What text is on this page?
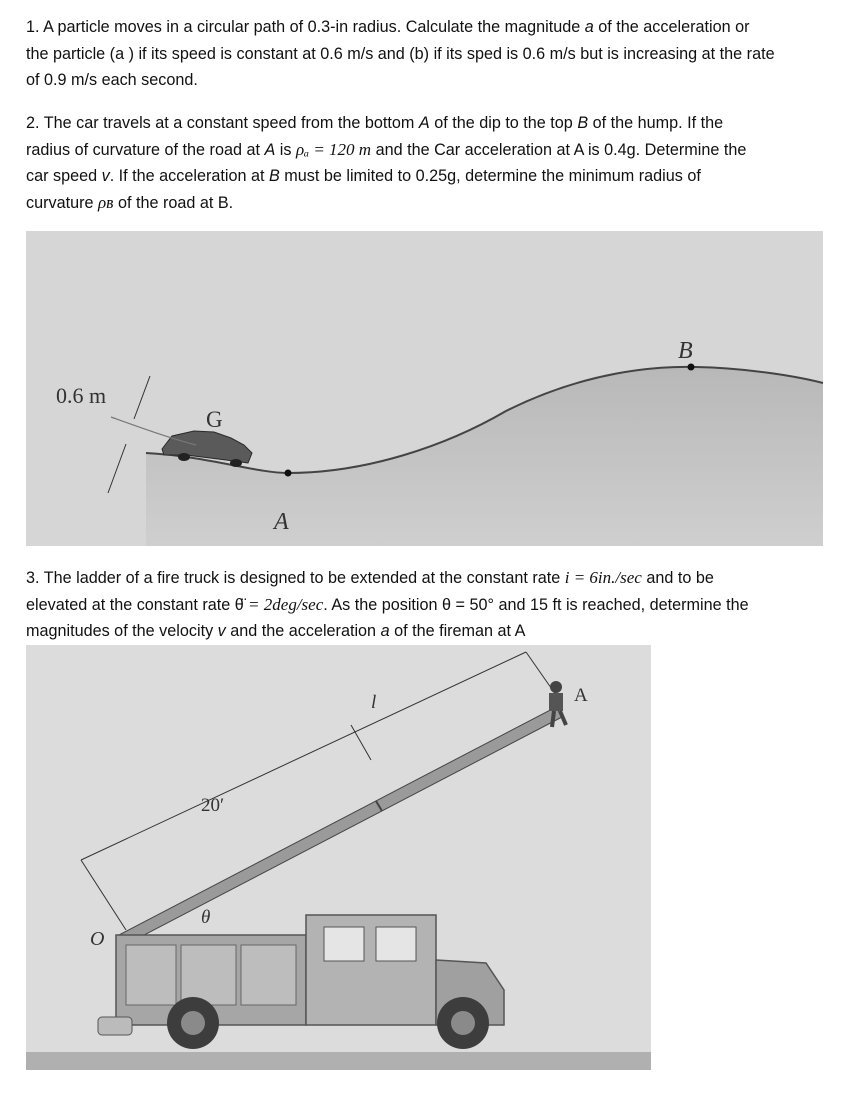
1. A particle moves in a circular path of 0.3-in radius. Calculate the magnitude a of the acceleration or

the particle (a ) if its speed is constant at 0.6 m/s and (b) if its sped is 0.6 m/s but is increasing at the rate

of 0.9 m/s each second.

2. The car travels at a constant speed from the bottom A of the dip to the top B of the hump. If the

radius of curvature of the road at A is ρₐ = 120 m and the Car acceleration at A is 0.4g. Determine the

car speed v. If the acceleration at B must be limited to 0.25g, determine the minimum radius of

curvature ρʙ of the road at B.

0.6 m
G
A
B

3. The ladder of a fire truck is designed to be extended at the constant rate i = 6in./sec and to be

elevated at the constant rate θ̈ = 2deg/sec. As the position θ = 50° and 15 ft is reached, determine the

magnitudes of the velocity v and the acceleration a of the fireman at A

l	A
20′
θ
O
